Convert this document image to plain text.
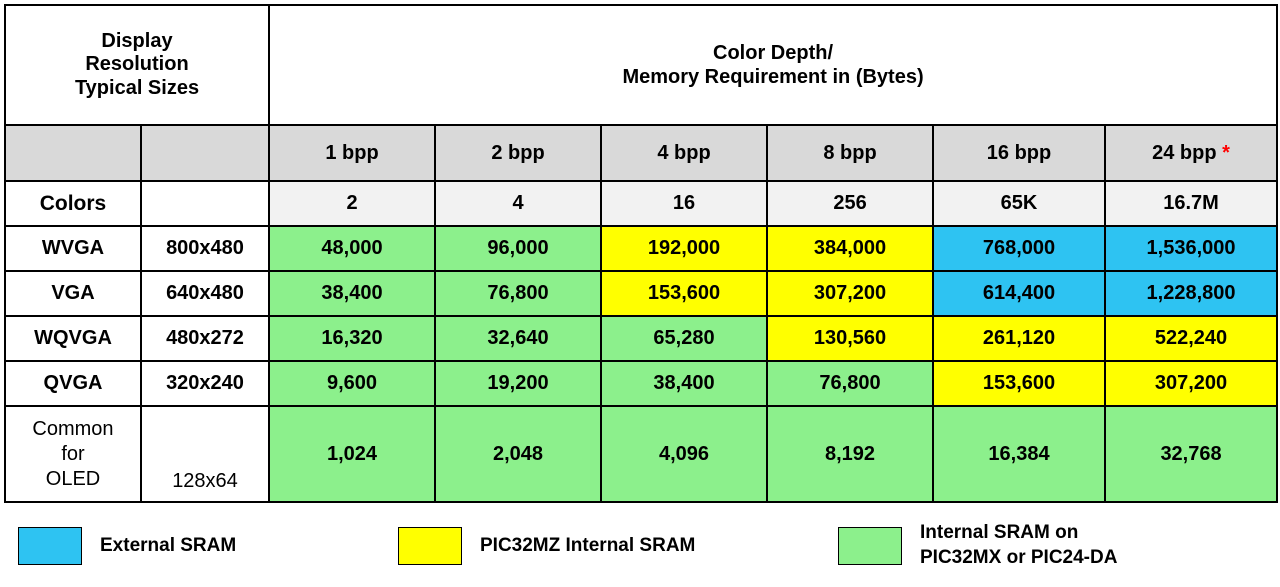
Display
Resolution
Typical Sizes

Color Depth/
Memory Requirement in (Bytes)

		1 bpp	2 bpp	4 bpp	8 bpp	16 bpp	24 bpp *
Colors		2	4	16	256	65K	16.7M
WVGA	800x480	48,000	96,000	192,000	384,000	768,000	1,536,000
VGA	640x480	38,400	76,800	153,600	307,200	614,400	1,228,800
WQVGA	480x272	16,320	32,640	65,280	130,560	261,120	522,240
QVGA	320x240	9,600	19,200	38,400	76,800	153,600	307,200

Common
for
OLED	128x64	1,024	2,048	4,096	8,192	16,384	32,768
External SRAM	PIC32MZ Internal SRAM
Internal SRAM on
PIC32MX or PIC24-DA
